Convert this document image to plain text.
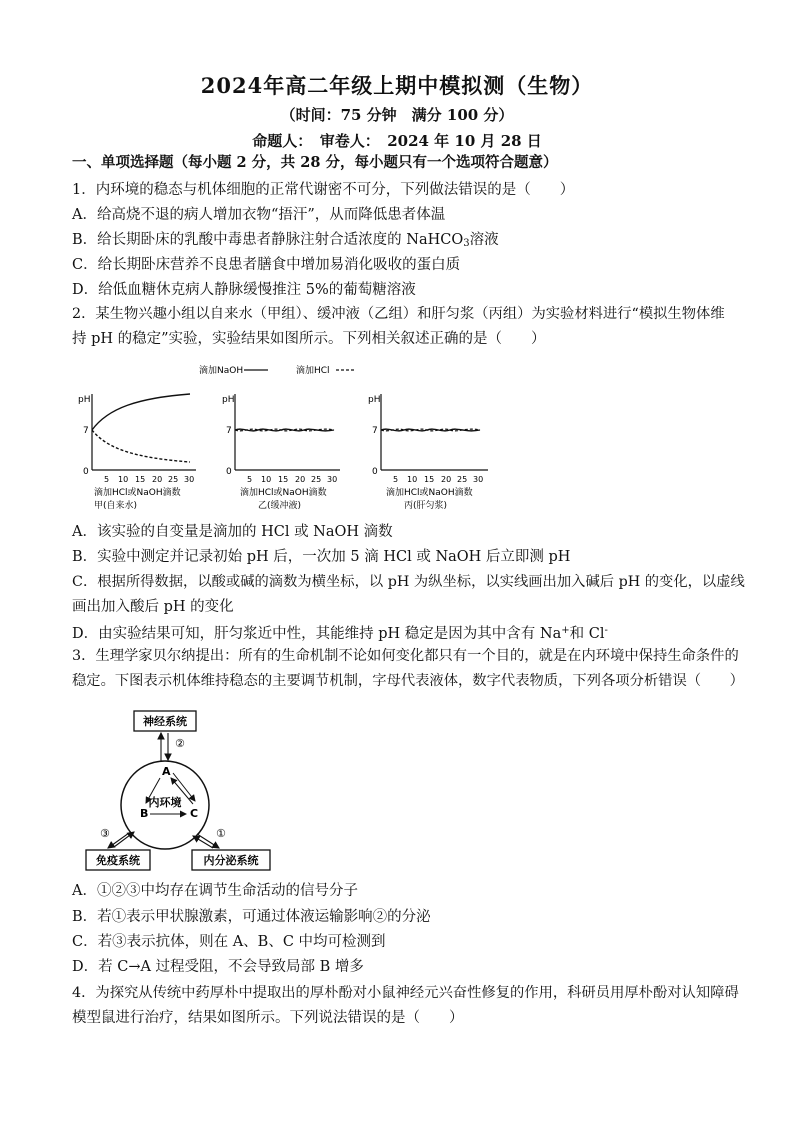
2024年高二年级上期中模拟测（生物）
（时间：75 分钟　满分 100 分）
命题人：　审卷人：　2024 年 10 月 28 日
一、单项选择题（每小题 2 分，共 28 分，每小题只有一个选项符合题意）
1．内环境的稳态与机体细胞的正常代谢密不可分，下列做法错误的是（　　）
A．给高烧不退的病人增加衣物“捂汗”，从而降低患者体温
B．给长期卧床的乳酸中毒患者静脉注射合适浓度的 NaHCO$_3$溶液
C．给长期卧床营养不良患者膳食中增加易消化吸收的蛋白质
D．给低血糖休克病人静脉缓慢推注 5%的葡萄糖溶液
2．某生物兴趣小组以自来水（甲组）、缓冲液（乙组）和肝匀浆（丙组）为实验材料进行“模拟生物体维
持 pH 的稳定”实验，实验结果如图所示。下列相关叙述正确的是（　　）
滴加NaOH	滴加HCl
pH
7
0
5 10 15 20 25 30
滴加HCl或NaOH滴数
甲(自来水)
pH
7
0
5 10 15 20 25 30
滴加HCl或NaOH滴数
乙(缓冲液)
pH
7
0
5 10 15 20 25 30
滴加HCl或NaOH滴数
丙(肝匀浆)
A．该实验的自变量是滴加的 HCl 或 NaOH 滴数
B．实验中测定并记录初始 pH 后，一次加 5 滴 HCl 或 NaOH 后立即测 pH
C．根据所得数据，以酸或碱的滴数为横坐标，以 pH 为纵坐标，以实线画出加入碱后 pH 的变化，以虚线
画出加入酸后 pH 的变化
D．由实验结果可知，肝匀浆近中性，其能维持 pH 稳定是因为其中含有 Na+和 Cl-
3．生理学家贝尔纳提出：所有的生命机制不论如何变化都只有一个目的，就是在内环境中保持生命条件的
稳定。下图表示机体维持稳态的主要调节机制，字母代表液体，数字代表物质，下列各项分析错误（　　）
神经系统
②
A
B	C
内环境
免疫系统	内分泌系统
③	①
A．①②③中均存在调节生命活动的信号分子
B．若①表示甲状腺激素，可通过体液运输影响②的分泌
C．若③表示抗体，则在 A、B、C 中均可检测到
D．若 C→A 过程受阻，不会导致局部 B 增多
4．为探究从传统中药厚朴中提取出的厚朴酚对小鼠神经元兴奋性修复的作用，科研员用厚朴酚对认知障碍
模型鼠进行治疗，结果如图所示。下列说法错误的是（　　）
